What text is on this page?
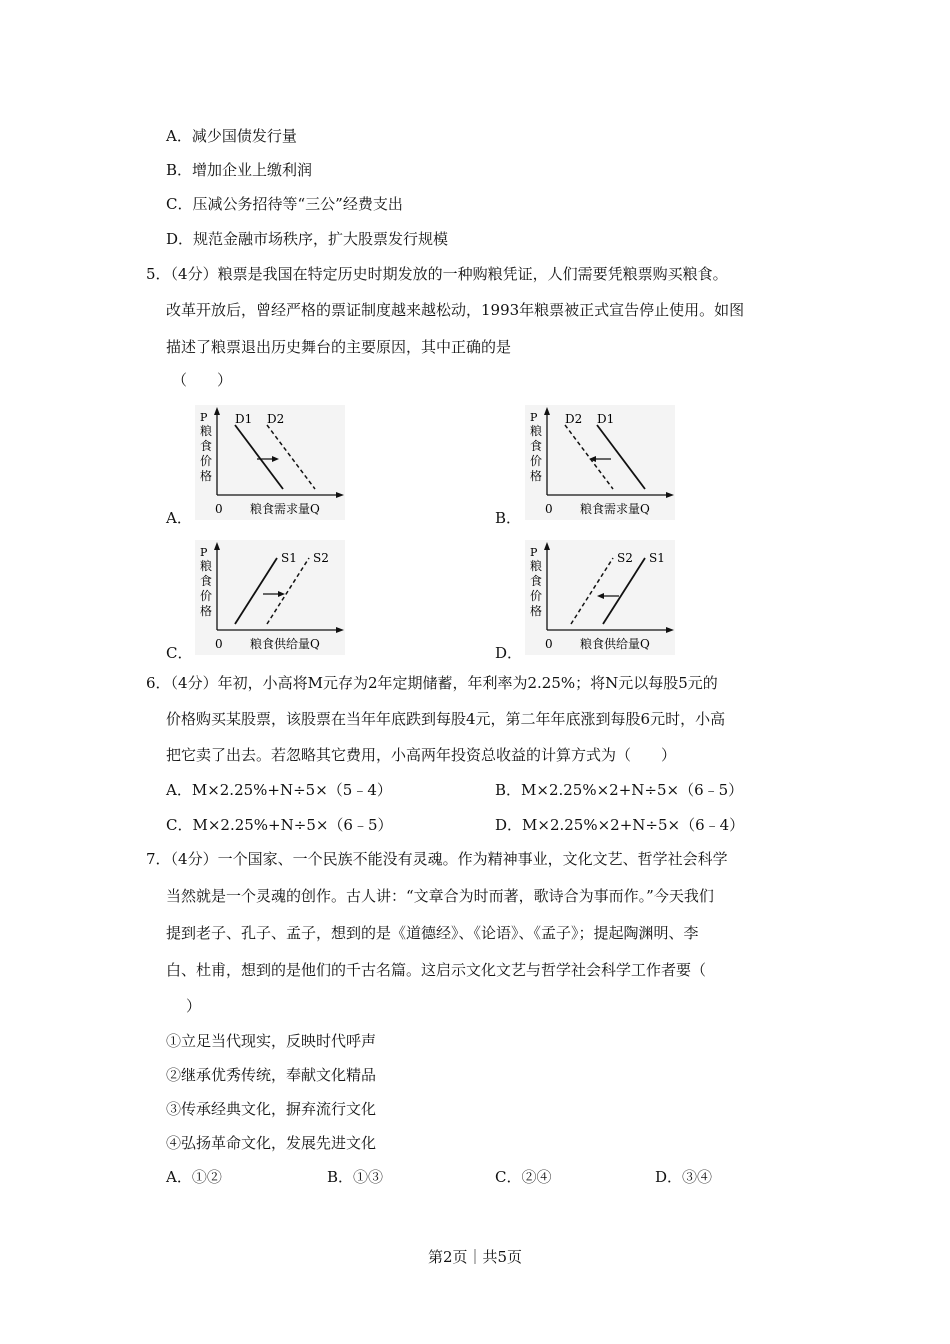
A．减少国债发行量
B．增加企业上缴利润
C．压减公务招待等“三公”经费支出
D．规范金融市场秩序，扩大股票发行规模
5．（4分）粮票是我国在特定历史时期发放的一种购粮凭证，人们需要凭粮票购买粮食。
改革开放后，曾经严格的票证制度越来越松动，1993年粮票被正式宣告停止使用。如图
描述了粮票退出历史舞台的主要原因，其中正确的是
（　　）
A．
P
粮
食
价
格
D1 D2
0 粮食需求量Q	B．
P
粮
食
价
格
D2 D1
0 粮食需求量Q
C．
P
粮
食
价
格
S1 S2
0 粮食供给量Q	D．
P
粮
食
价
格
S2 S1
0 粮食供给量Q
6．（4分）年初，小高将M元存为2年定期储蓄，年利率为2.25%；将N元以每股5元的
价格购买某股票，该股票在当年年底跌到每股4元，第二年年底涨到每股6元时，小高
把它卖了出去。若忽略其它费用，小高两年投资总收益的计算方式为（　　）
A．M×2.25%+N÷5×（5﹣4）	B．M×2.25%×2+N÷5×（6﹣5）
C．M×2.25%+N÷5×（6﹣5）	D．M×2.25%×2+N÷5×（6﹣4）
7．（4分）一个国家、一个民族不能没有灵魂。作为精神事业，文化文艺、哲学社会科学
当然就是一个灵魂的创作。古人讲：“文章合为时而著，歌诗合为事而作。”今天我们
提到老子、孔子、孟子，想到的是《道德经》、《论语》、《孟子》；提起陶渊明、李
白、杜甫，想到的是他们的千古名篇。这启示文化文艺与哲学社会科学工作者要（
）
①立足当代现实，反映时代呼声
②继承优秀传统，奉献文化精品
③传承经典文化，摒弃流行文化
④弘扬革命文化，发展先进文化
A．①②	B．①③	C．②④	D．③④
第2页｜共5页
